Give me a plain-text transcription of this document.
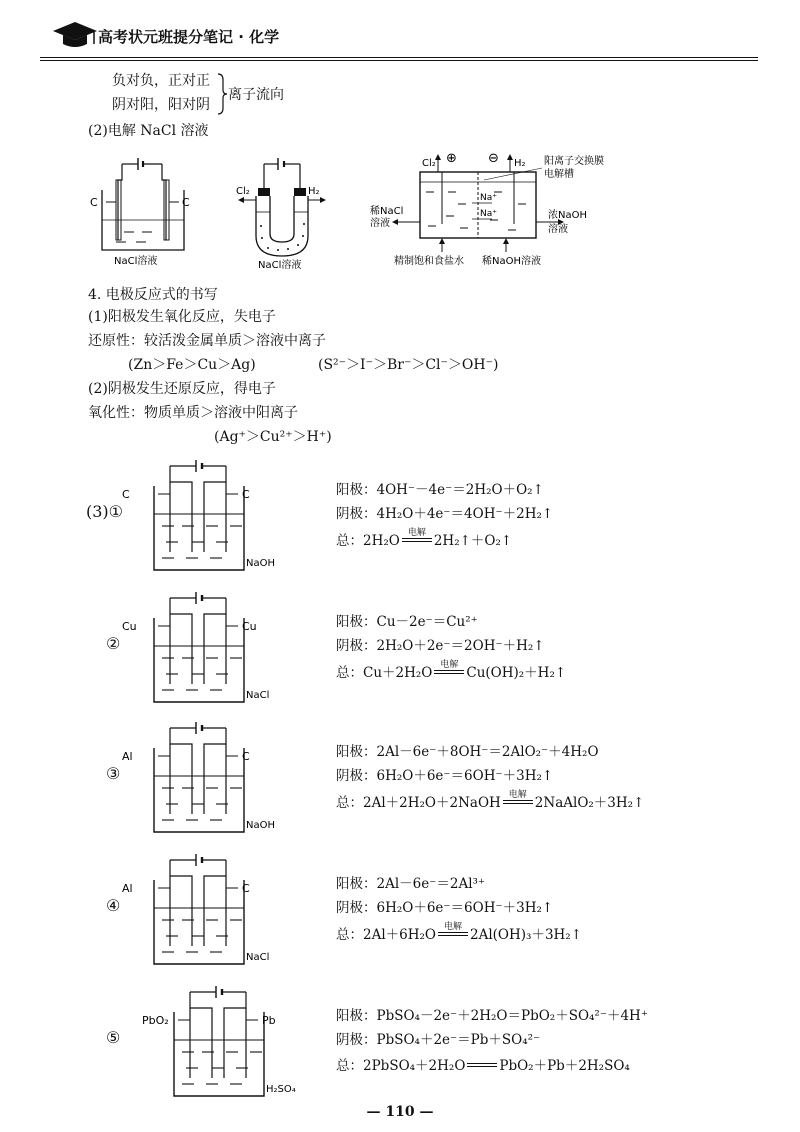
高考状元班提分笔记 · 化学
负对负，正对正
阴对阳，阳对阴
离子流向
(2)电解 NaCl 溶液
C	C
NaCl溶液
Cl₂	H₂
NaCl溶液
Cl₂ ⊕ ⊖ H₂ 阳离子交换膜
电解槽
Na⁺
Na⁺
稀NaCl
溶液
浓NaOH
溶液
精制饱和食盐水 稀NaOH溶液
4. 电极反应式的书写
(1)阳极发生氧化反应，失电子
还原性：较活泼金属单质＞溶液中离子
(Zn＞Fe＞Cu＞Ag)	(S²⁻＞I⁻＞Br⁻＞Cl⁻＞OH⁻)
(2)阴极发生还原反应，得电子
氧化性：物质单质＞溶液中阳离子
(Ag⁺＞Cu²⁺＞H⁺)
(3)①
C	C
NaOH
阳极：4OH⁻－4e⁻＝2H₂O＋O₂↑
阴极：4H₂O＋4e⁻＝4OH⁻＋2H₂↑
总：2H₂O 电解 2H₂↑＋O₂↑
②
Cu	Cu
NaCl
阳极：Cu－2e⁻＝Cu²⁺
阴极：2H₂O＋2e⁻＝2OH⁻＋H₂↑
总：Cu＋2H₂O 电解 Cu(OH)₂＋H₂↑
③
Al	C
NaOH
阳极：2Al－6e⁻＋8OH⁻＝2AlO₂⁻＋4H₂O
阴极：6H₂O＋6e⁻＝6OH⁻＋3H₂↑
总：2Al＋2H₂O＋2NaOH 电解 2NaAlO₂＋3H₂↑
④
Al	C
NaCl
阳极：2Al－6e⁻＝2Al³⁺
阴极：6H₂O＋6e⁻＝6OH⁻＋3H₂↑
总：2Al＋6H₂O 电解 2Al(OH)₃＋3H₂↑
⑤
PbO₂	Pb
H₂SO₄
阳极：PbSO₄－2e⁻＋2H₂O＝PbO₂＋SO₄²⁻＋4H⁺
阴极：PbSO₄＋2e⁻＝Pb＋SO₄²⁻
总：2PbSO₄＋2H₂O	PbO₂＋Pb＋2H₂SO₄
— 110 —
